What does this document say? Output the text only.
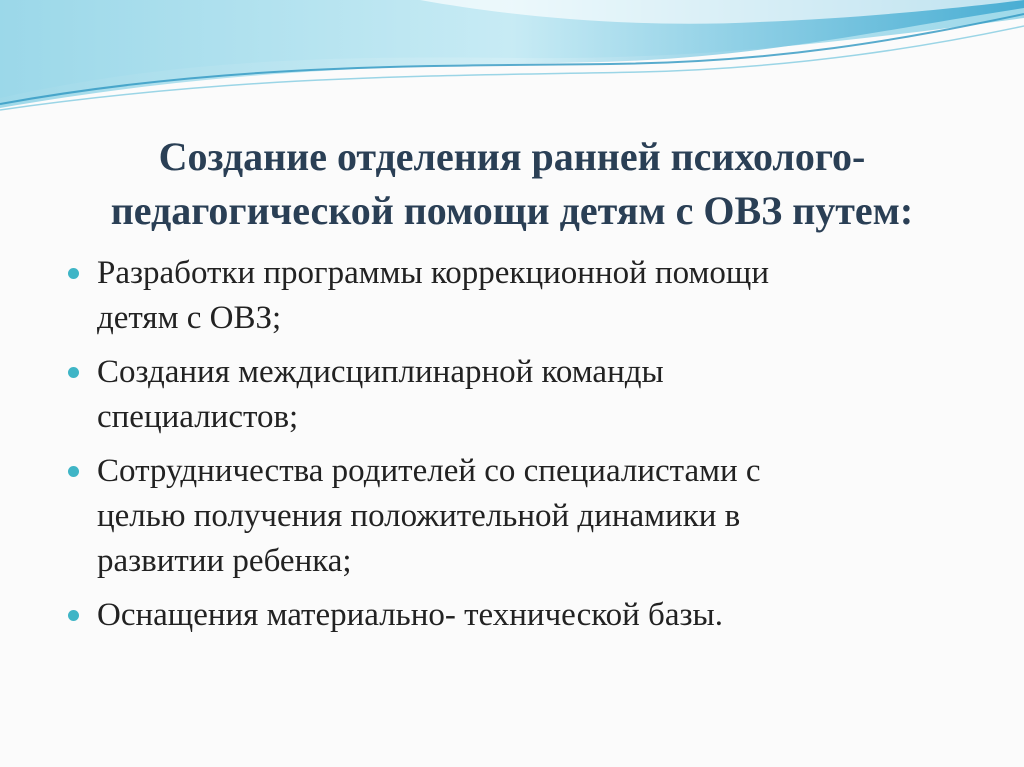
Создание отделения ранней психолого-
педагогической помощи детям с ОВЗ путем:
Разработки программы коррекционной помощи
детям с ОВЗ;
Создания междисциплинарной команды
специалистов;
Сотрудничества родителей со специалистами с
целью получения положительной динамики в
развитии ребенка;
Оснащения материально- технической базы.
